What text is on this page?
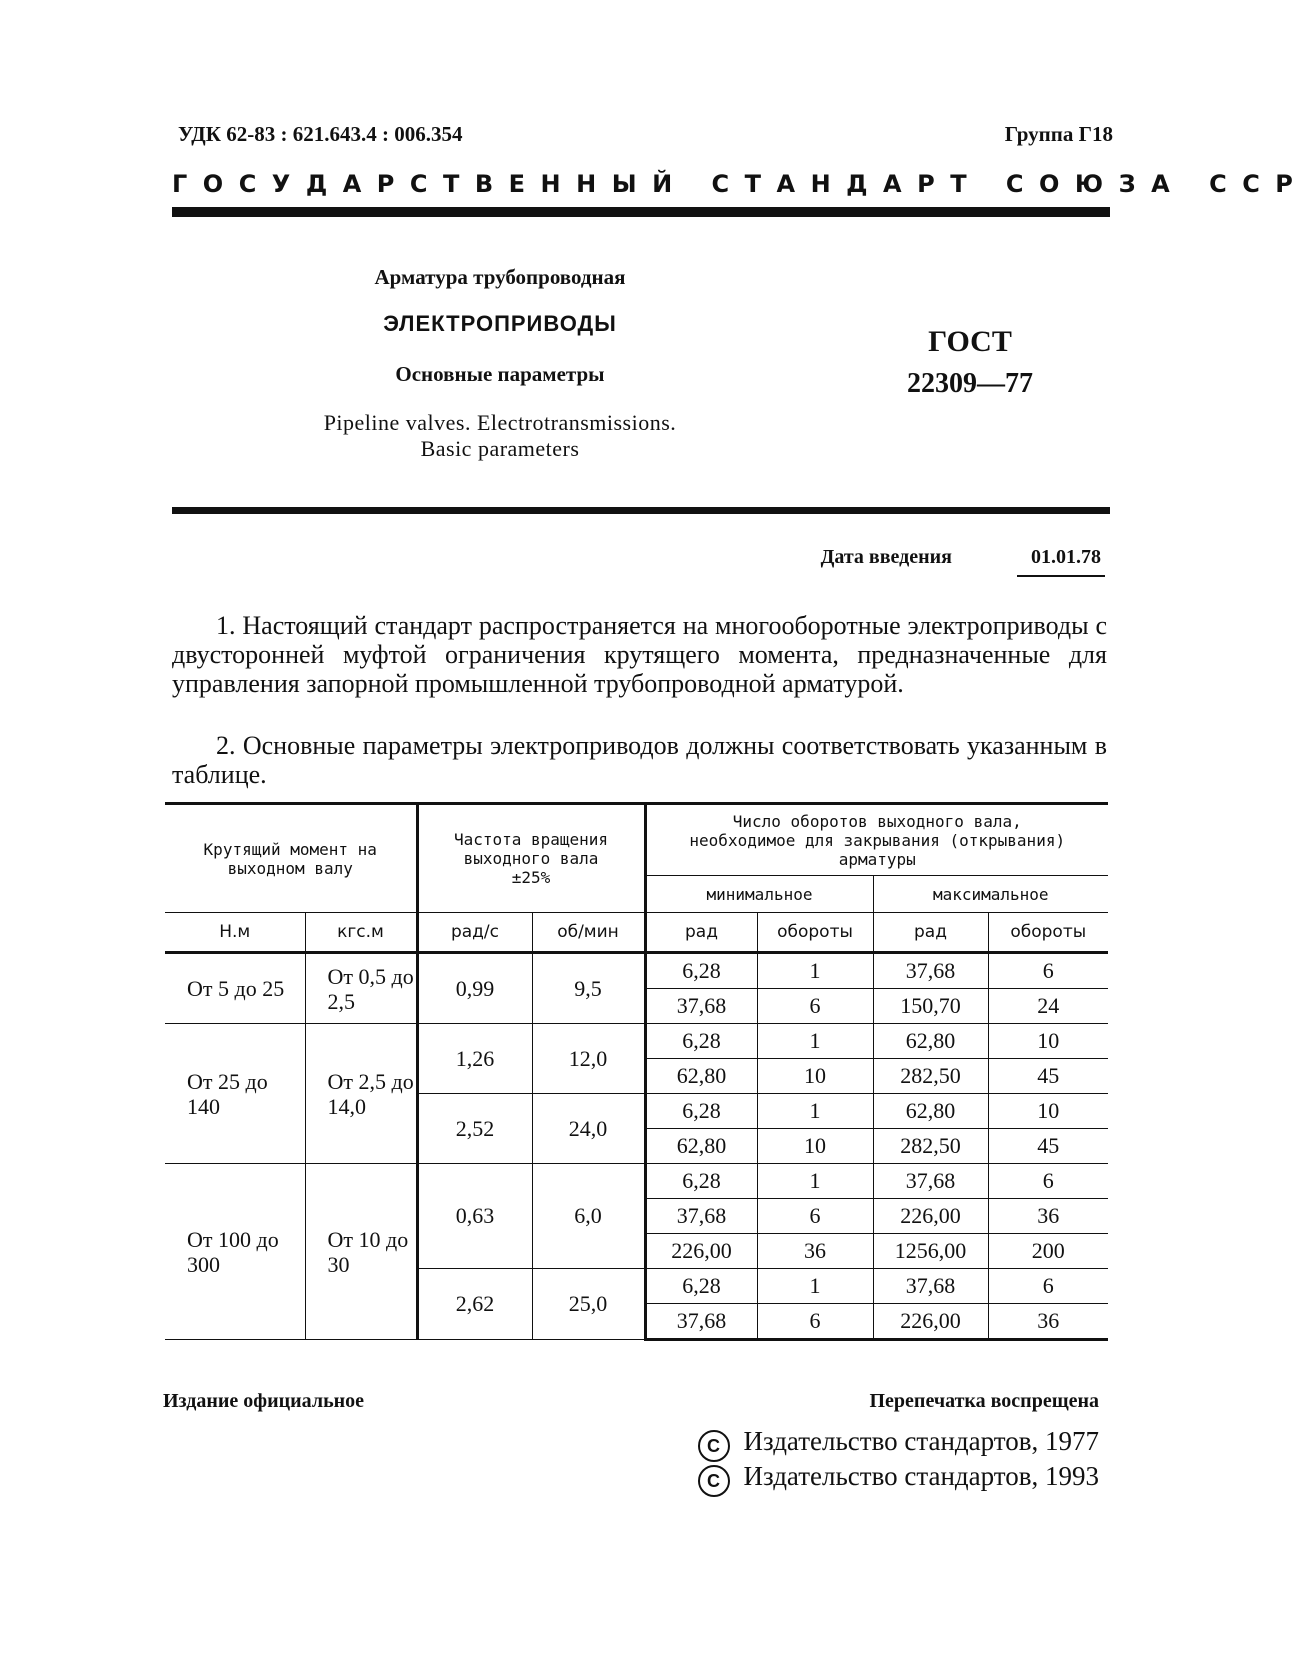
УДК 62-83 : 621.643.4 : 006.354	Группа Г18
ГОСУДАРСТВЕННЫЙ СТАНДАРТ СОЮЗА ССР
Арматура трубопроводная
ЭЛЕКТРОПРИВОДЫ
Основные параметры
Pipeline valves. Electrotransmissions.
Basic parameters
ГОСТ
22309—77
Дата введения	01.01.78
1. Настоящий стандарт распространяется на многооборотные электроприводы с двусторонней муфтой ограничения крутящего момента, предназначенные для управления запорной промышленной трубопроводной арматурой.
2. Основные параметры электроприводов должны соответствовать указанным в таблице.
Крутящий момент на выходном валу		Частота вращения выходного вала ±25%		Число оборотов выходного вала, необходимое для закрывания (открывания) арматуры			
				минимальное		максимальное	
Н.м	кгс.м	рад/с	об/мин	рад	обороты	рад	обороты
От 5 до 25	От 0,5 до 2,5	0,99	9,5	6,28	1	37,68	6
				37,68	6	150,70	24
От 25 до 140	От 2,5 до 14,0	1,26	12,0	6,28	1	62,80	10
				62,80	10	282,50	45
		2,52	24,0	6,28	1	62,80	10
				62,80	10	282,50	45
От 100 до 300	От 10 до 30	0,63	6,0	6,28	1	37,68	6
				37,68	6	226,00	36
				226,00	36	1256,00	200
		2,62	25,0	6,28	1	37,68	6
				37,68	6	226,00	36
Издание официальное	Перепечатка воспрещена
C Издательство стандартов, 1977
C Издательство стандартов, 1993
